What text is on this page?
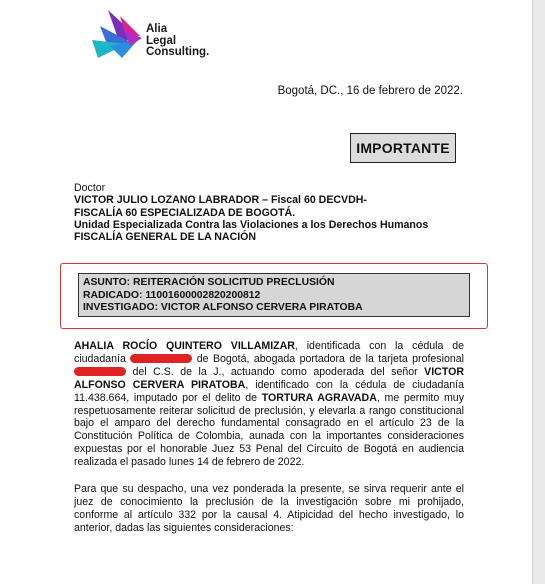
Alia
Legal
Consulting.
Bogotá, DC., 16 de febrero de 2022.
IMPORTANTE
Doctor
VICTOR JULIO LOZANO LABRADOR – Fiscal 60 DECVDH-
FISCALÍA 60 ESPECIALIZADA DE BOGOTÁ.
Unidad Especializada Contra las Violaciones a los Derechos Humanos
FISCALÍA GENERAL DE LA NACIÓN
ASUNTO: REITERACIÓN SOLICITUD PRECLUSIÓN
RADICADO: 11001600002820200812
INVESTIGADO: VICTOR ALFONSO CERVERA PIRATOBA

AHALIA ROCÍO QUINTERO VILLAMIZAR, identificada con la cédula de ciudadanía	de Bogotá, abogada portadora de la tarjeta profesional  del C.S. de la J., actuando como apoderada del señor VICTOR ALFONSO CERVERA PIRATOBA, identificado con la cédula de ciudadanía 11.438.664, imputado por el delito de TORTURA AGRAVADA, me permito muy respetuosamente reiterar solicitud de preclusión, y elevarla a rango constitucional bajo el amparo del derecho fundamental consagrado en el artículo 23 de la Constitución Política de Colombia, aunada con la importantes consideraciones expuestas por el honorable Juez 53 Penal del Circuito de Bogotá en audiencia realizada el pasado lunes 14 de febrero de 2022.

Para que su despacho, una vez ponderada la presente, se sirva requerir ante el juez de conocimiento la preclusión de la investigación sobre mi prohijado, conforme al artículo 332 por la causal 4. Atipicidad del hecho investigado, lo anterior, dadas las siguientes consideraciones:
